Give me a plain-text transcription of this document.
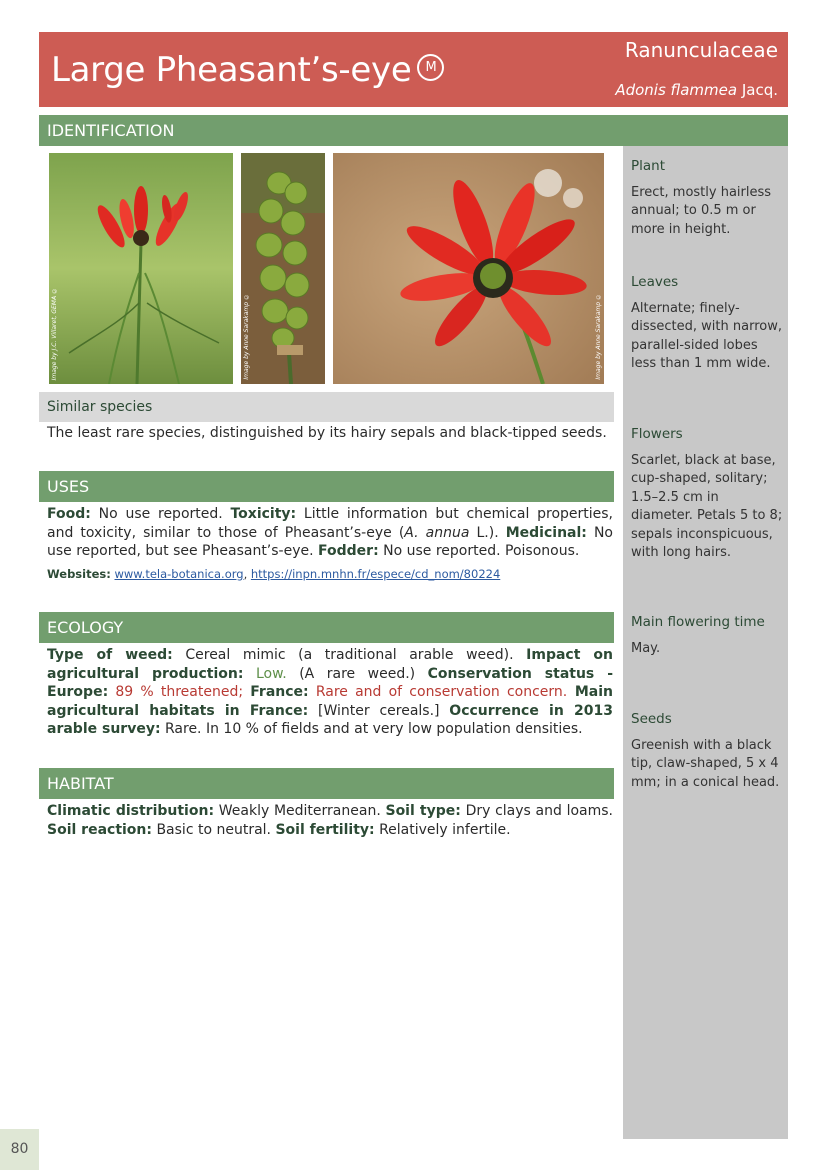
Large Pheasant’s-eye M
Ranunculaceae
Adonis flammea Jacq.
Plant
Erect, mostly hairless annual; to 0.5 m or more in height.
Leaves
Alternate; finely-dissected, with narrow, parallel-sided lobes less than 1 mm wide.
Flowers
Scarlet, black at base, cup-shaped, solitary; 1.5–2.5 cm in diameter. Petals 5 to 8; sepals inconspicuous, with long hairs.
Main flowering time
May.
Seeds
Greenish with a black tip, claw-shaped, 5 x 4 mm; in a conical head.
IDENTIFICATION
Image by J.C. Villaret, GEMA ©	Image by Anne Sarakamp ©	Image by Anne Sarakamp ©
Similar species
The least rare species, distinguished by its hairy sepals and black-tipped seeds.
USES
Food: No use reported. Toxicity: Little information but chemical properties, and toxicity, similar to those of Pheasant’s-eye (A. annua L.). Medicinal: No use reported, but see Pheasant’s-eye. Fodder: No use reported. Poisonous.
Websites: www.tela-botanica.org, https://inpn.mnhn.fr/espece/cd_nom/80224
ECOLOGY
Type of weed: Cereal mimic (a traditional arable weed). Impact on agricultural production: Low. (A rare weed.) Conservation status - Europe: 89 % threatened; France: Rare and of conservation concern. Main agricultural habitats in France: [Winter cereals.] Occurrence in 2013 arable survey: Rare. In 10 % of fields and at very low population densities.
HABITAT
Climatic distribution: Weakly Mediterranean. Soil type: Dry clays and loams. Soil reaction: Basic to neutral. Soil fertility: Relatively infertile.
80
